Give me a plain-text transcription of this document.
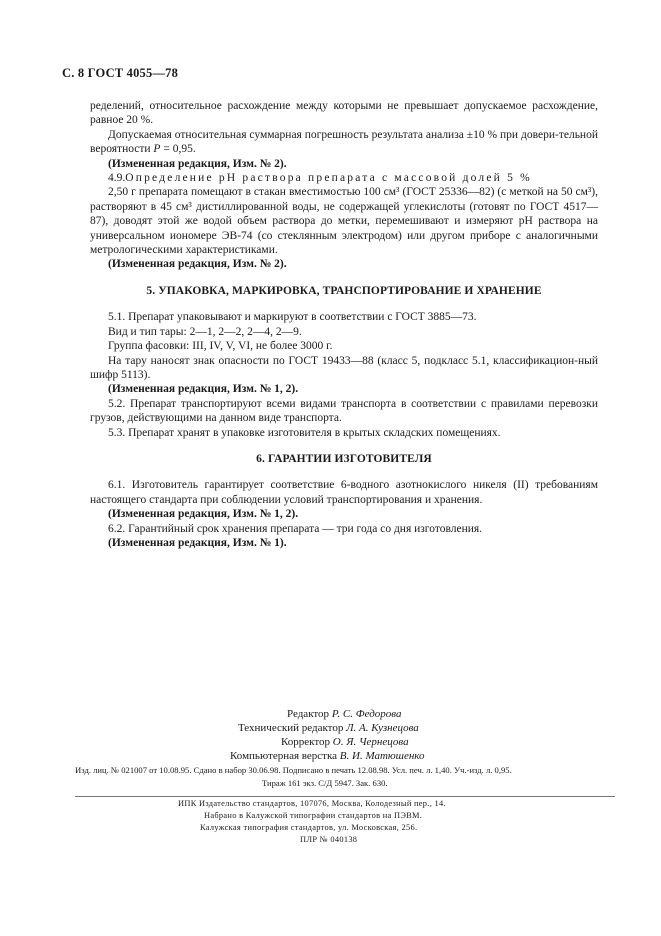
С. 8 ГОСТ 4055—78

ределений, относительное расхождение между которыми не превышает допускаемое расхождение, равное 20 %.

Допускаемая относительная суммарная погрешность результата анализа ±10 % при довери-тельной вероятности P = 0,95.

(Измененная редакция, Изм. № 2).

4.9.Определение рН раствора препарата с массовой долей 5 %

2,50 г препарата помещают в стакан вместимостью 100 см³ (ГОСТ 25336—82) (с меткой на 50 см³), растворяют в 45 см³ дистиллированной воды, не содержащей углекислоты (готовят по ГОСТ 4517—87), доводят этой же водой объем раствора до метки, перемешивают и измеряют рН раствора на универсальном иономере ЭВ-74 (со стеклянным электродом) или другом приборе с аналогичными метрологическими характеристиками.

(Измененная редакция, Изм. № 2).

5. УПАКОВКА, МАРКИРОВКА, ТРАНСПОРТИРОВАНИЕ И ХРАНЕНИЕ

5.1. Препарат упаковывают и маркируют в соответствии с ГОСТ 3885—73.

Вид и тип тары: 2—1, 2—2, 2—4, 2—9.

Группа фасовки: III, IV, V, VI, не более 3000 г.

На тару наносят знак опасности по ГОСТ 19433—88 (класс 5, подкласс 5.1, классификацион-ный шифр 5113).

(Измененная редакция, Изм. № 1, 2).

5.2. Препарат транспортируют всеми видами транспорта в соответствии с правилами перевозки грузов, действующими на данном виде транспорта.

5.3. Препарат хранят в упаковке изготовителя в крытых складских помещениях.

6. ГАРАНТИИ ИЗГОТОВИТЕЛЯ

6.1. Изготовитель гарантирует соответствие 6-водного азотнокислого никеля (II) требованиям настоящего стандарта при соблюдении условий транспортирования и хранения.

(Измененная редакция, Изм. № 1, 2).

6.2. Гарантийный срок хранения препарата — три года со дня изготовления.

(Измененная редакция, Изм. № 1).

Редактор Р. С. Федорова
Технический редактор Л. А. Кузнецова
Корректор О. Я. Чернецова
Компьютерная верстка В. И. Матюшенко
Изд. лиц. № 021007 от 10.08.95. Сдано в набор 30.06.98. Подписано в печать 12.08.98. Усл. печ. л. 1,40. Уч.-изд. л. 0,95.
Тираж 161 экз. С/Д 5947. Зак. 630.
ИПК Издательство стандартов, 107076, Москва, Колодезный пер., 14.
Набрано в Калужской типографии стандартов на ПЭВМ.
Калужская типография стандартов, ул. Московская, 256.
ПЛР № 040138
